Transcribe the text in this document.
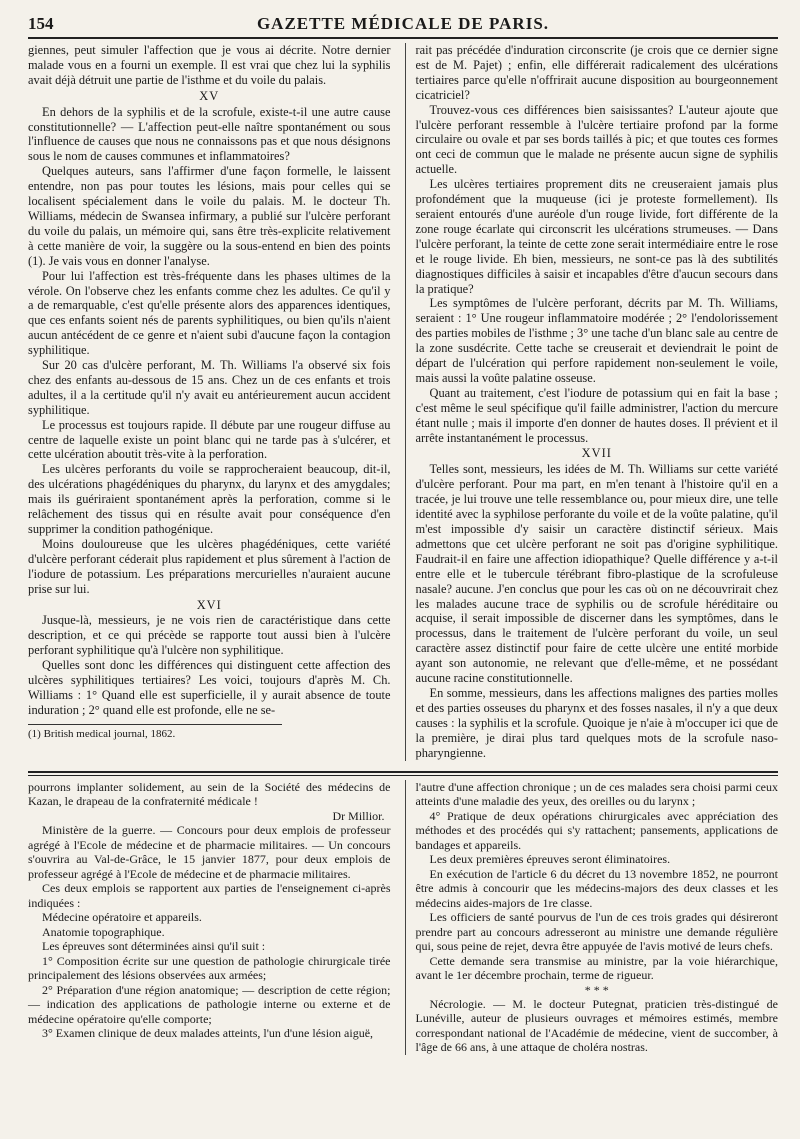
154	GAZETTE MÉDICALE DE PARIS.

giennes, peut simuler l'affection que je vous ai décrite. Notre dernier malade vous en a fourni un exemple. Il est vrai que chez lui la syphilis avait déjà détruit une partie de l'isthme et du voile du palais.

XV

En dehors de la syphilis et de la scrofule, existe-t-il une autre cause constitutionnelle? — L'affection peut-elle naître spontanément ou sous l'influence de causes que nous ne connaissons pas et que nous désignons sous le nom de causes communes et inflammatoires?

Quelques auteurs, sans l'affirmer d'une façon formelle, le laissent entendre, non pas pour toutes les lésions, mais pour celles qui se localisent spécialement dans le voile du palais. M. le docteur Th. Williams, médecin de Swansea infirmary, a publié sur l'ulcère perforant du voile du palais, un mémoire qui, sans être très-explicite relativement à cette manière de voir, la suggère ou la sous-entend en bien des points (1). Je vais vous en donner l'analyse.

Pour lui l'affection est très-fréquente dans les phases ultimes de la vérole. On l'observe chez les enfants comme chez les adultes. Ce qu'il y a de remarquable, c'est qu'elle présente alors des apparences identiques, que ces enfants soient nés de parents syphilitiques, ou bien qu'ils n'aient aucun antécédent de ce genre et n'aient subi d'aucune façon la contagion syphilitique.

Sur 20 cas d'ulcère perforant, M. Th. Williams l'a observé six fois chez des enfants au-dessous de 15 ans. Chez un de ces enfants et trois adultes, il a la certitude qu'il n'y avait eu antérieurement aucun accident syphilitique.

Le processus est toujours rapide. Il débute par une rougeur diffuse au centre de laquelle existe un point blanc qui ne tarde pas à s'ulcérer, et cette ulcération aboutit très-vite à la perforation.

Les ulcères perforants du voile se rapprocheraient beaucoup, dit-il, des ulcérations phagédéniques du pharynx, du larynx et des amygdales; mais ils guériraient spontanément après la perforation, comme si le relâchement des tissus qui en résulte avait pour conséquence d'en supprimer la condition pathogénique.

Moins douloureuse que les ulcères phagédéniques, cette variété d'ulcère perforant céderait plus rapidement et plus sûrement à l'action de l'iodure de potassium. Les préparations mercurielles n'auraient aucune prise sur lui.

XVI

Jusque-là, messieurs, je ne vois rien de caractéristique dans cette description, et ce qui précède se rapporte tout aussi bien à l'ulcère perforant syphilitique qu'à l'ulcère non syphilitique.

Quelles sont donc les différences qui distinguent cette affection des ulcères syphilitiques tertiaires? Les voici, toujours d'après M. Ch. Williams : 1° Quand elle est superficielle, il y aurait absence de toute induration ; 2° quand elle est profonde, elle ne se-

(1) British medical journal, 1862.

rait pas précédée d'induration circonscrite (je crois que ce dernier signe est de M. Pajet) ; enfin, elle différerait radicalement des ulcérations tertiaires parce qu'elle n'offrirait aucune disposition au bourgeonnement cicatriciel?

Trouvez-vous ces différences bien saisissantes? L'auteur ajoute que l'ulcère perforant ressemble à l'ulcère tertiaire profond par la forme circulaire ou ovale et par ses bords taillés à pic; et que toutes ces formes ont ceci de commun que le malade ne présente aucun signe de syphilis actuelle.

Les ulcères tertiaires proprement dits ne creuseraient jamais plus profondément que la muqueuse (ici je proteste formellement). Ils seraient entourés d'une auréole d'un rouge livide, fort différente de la zone rouge écarlate qui circonscrit les ulcérations strumeuses. — Dans l'ulcère perforant, la teinte de cette zone serait intermédiaire entre le rose et le rouge livide. Eh bien, messieurs, ne sont-ce pas là des subtilités diagnostiques difficiles à saisir et incapables d'être d'aucun secours dans la pratique?

Les symptômes de l'ulcère perforant, décrits par M. Th. Williams, seraient : 1° Une rougeur inflammatoire modérée ; 2° l'endolorissement des parties mobiles de l'isthme ; 3° une tache d'un blanc sale au centre de la zone susdécrite. Cette tache se creuserait et deviendrait le point de départ de l'ulcération qui perfore rapidement non-seulement le voile, mais aussi la voûte palatine osseuse.

Quant au traitement, c'est l'iodure de potassium qui en fait la base ; c'est même le seul spécifique qu'il faille administrer, l'action du mercure étant nulle ; mais il importe d'en donner de hautes doses. Il prévient et il arrête instantanément le processus.

XVII

Telles sont, messieurs, les idées de M. Th. Williams sur cette variété d'ulcère perforant. Pour ma part, en m'en tenant à l'histoire qu'il en a tracée, je lui trouve une telle ressemblance ou, pour mieux dire, une telle identité avec la syphilose perforante du voile et de la voûte palatine, qu'il m'est impossible d'y saisir un caractère distinctif sérieux. Mais admettons que cet ulcère perforant ne soit pas d'origine syphilitique. Faudrait-il en faire une affection idiopathique? Quelle différence y a-t-il entre elle et le tubercule térébrant fibro-plastique de la scrofuleuse nasale? aucune. J'en conclus que pour les cas où on ne découvrirait chez les malades aucune trace de syphilis ou de scrofule héréditaire ou acquise, il serait impossible de discerner dans les symptômes, dans le processus, dans le traitement de l'ulcère perforant du voile, un seul caractère assez distinctif pour faire de cette ulcère une entité morbide ayant son autonomie, ne relevant que d'elle-même, et ne possédant aucune racine constitutionnelle.

En somme, messieurs, dans les affections malignes des parties molles et des parties osseuses du pharynx et des fosses nasales, il n'y a que deux causes : la syphilis et la scrofule. Quoique je n'aie à m'occuper ici que de la première, je dirai plus tard quelques mots de la scrofule naso-pharyngienne.

pourrons implanter solidement, au sein de la Société des médecins de Kazan, le drapeau de la confraternité médicale !

Dr Millior.

Ministère de la guerre. — Concours pour deux emplois de professeur agrégé à l'Ecole de médecine et de pharmacie militaires. — Un concours s'ouvrira au Val-de-Grâce, le 15 janvier 1877, pour deux emplois de professeur agrégé à l'Ecole de médecine et de pharmacie militaires.

Ces deux emplois se rapportent aux parties de l'enseignement ci-après indiquées :

Médecine opératoire et appareils.

Anatomie topographique.

Les épreuves sont déterminées ainsi qu'il suit :

1° Composition écrite sur une question de pathologie chirurgicale tirée principalement des lésions observées aux armées;

2° Préparation d'une région anatomique; — description de cette région; — indication des applications de pathologie interne ou externe et de médecine opératoire qu'elle comporte;

3° Examen clinique de deux malades atteints, l'un d'une lésion aiguë,

l'autre d'une affection chronique ; un de ces malades sera choisi parmi ceux atteints d'une maladie des yeux, des oreilles ou du larynx ;

4° Pratique de deux opérations chirurgicales avec appréciation des méthodes et des procédés qui s'y rattachent; pansements, applications de bandages et appareils.

Les deux premières épreuves seront éliminatoires.

En exécution de l'article 6 du décret du 13 novembre 1852, ne pourront être admis à concourir que les médecins-majors des deux classes et les médecins aides-majors de 1re classe.

Les officiers de santé pourvus de l'un de ces trois grades qui désireront prendre part au concours adresseront au ministre une demande régulière qui, sous peine de rejet, devra être appuyée de l'avis motivé de leurs chefs.

Cette demande sera transmise au ministre, par la voie hiérarchique, avant le 1er décembre prochain, terme de rigueur.

* * *

Nécrologie. — M. le docteur Putegnat, praticien très-distingué de Lunéville, auteur de plusieurs ouvrages et mémoires estimés, membre correspondant national de l'Académie de médecine, vient de succomber, à l'âge de 66 ans, à une attaque de choléra nostras.
